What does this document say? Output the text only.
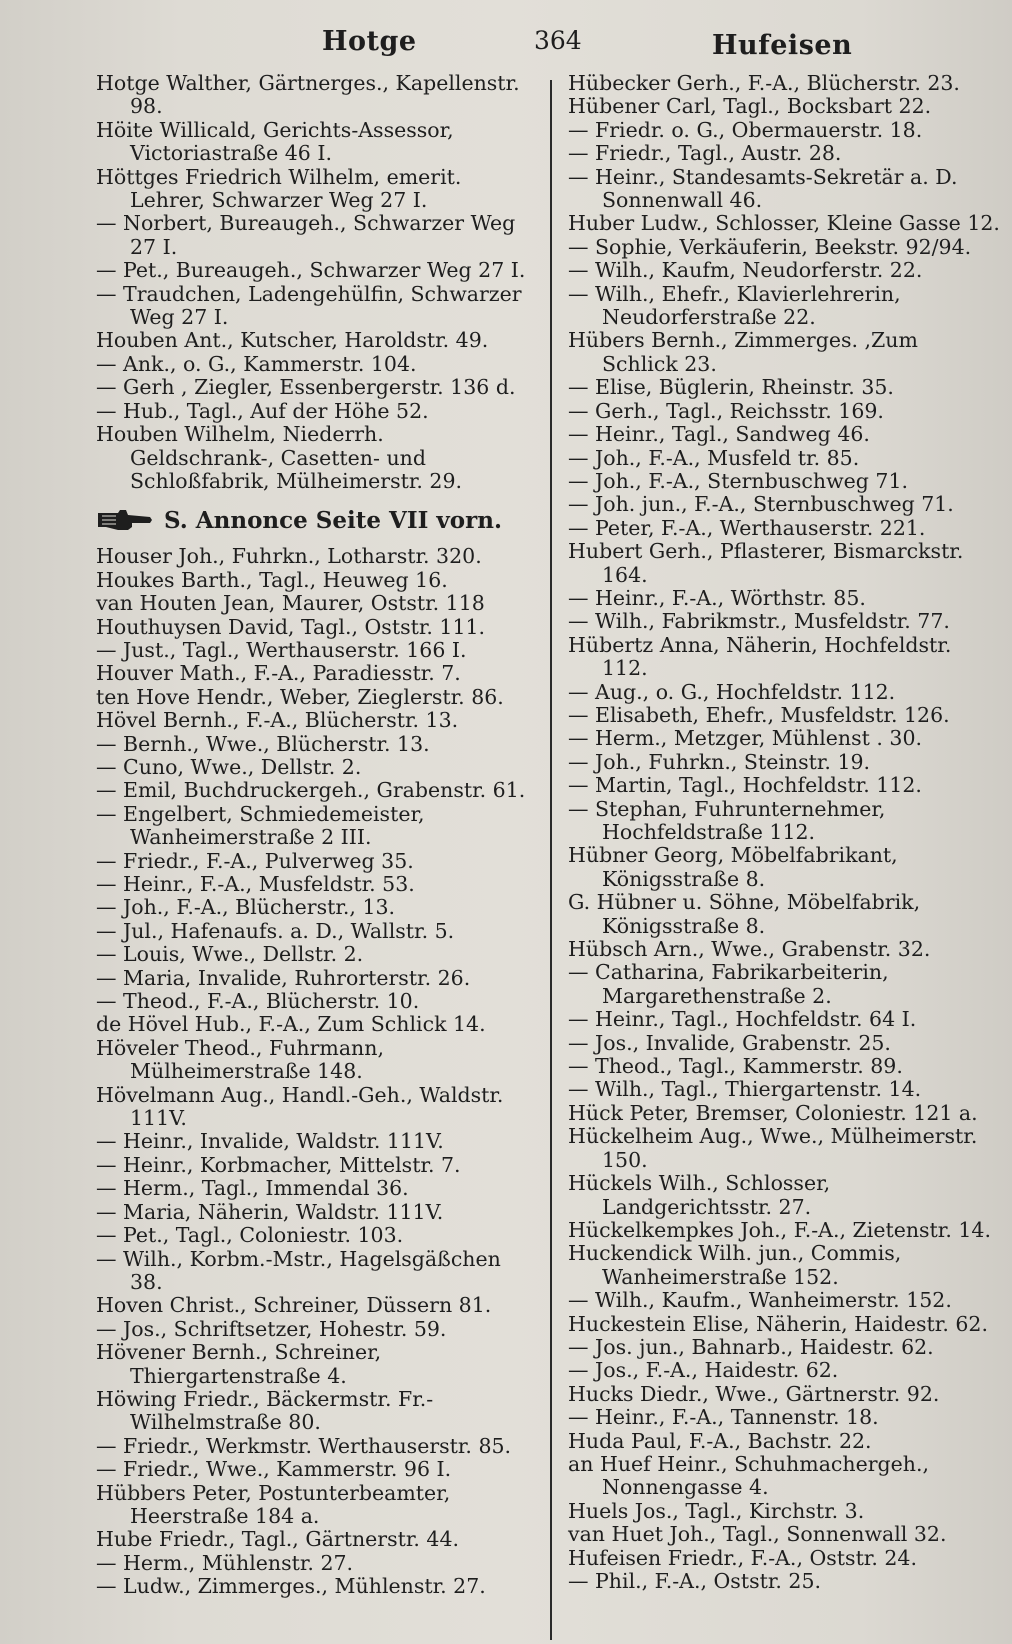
Hotge	364	Hufeisen

Hotge Walther, Gärtnerges., Kapellenstr. 98.

Höite Willicald, Gerichts-Assessor, Victoriastraße 46 I.

Höttges Friedrich Wilhelm, emerit. Lehrer, Schwarzer Weg 27 I.

— Norbert, Bureaugeh., Schwarzer Weg 27 I.

— Pet., Bureaugeh., Schwarzer Weg 27 I.

— Traudchen, Ladengehülfin, Schwarzer Weg 27 I.

Houben Ant., Kutscher, Haroldstr. 49.

— Ank., o. G., Kammerstr. 104.

— Gerh , Ziegler, Essenbergerstr. 136 d.

— Hub., Tagl., Auf der Höhe 52.

Houben Wilhelm, Niederrh. Geldschrank-, Casetten- und Schloßfabrik, Mülheimerstr. 29.

S. Annonce Seite VII vorn.

Houser Joh., Fuhrkn., Lotharstr. 320.

Houkes Barth., Tagl., Heuweg 16.

van Houten Jean, Maurer, Oststr. 118

Houthuysen David, Tagl., Oststr. 111.

— Just., Tagl., Werthauserstr. 166 I.

Houver Math., F.-A., Paradiesstr. 7.

ten Hove Hendr., Weber, Zieglerstr. 86.

Hövel Bernh., F.-A., Blücherstr. 13.

— Bernh., Wwe., Blücherstr. 13.

— Cuno, Wwe., Dellstr. 2.

— Emil, Buchdruckergeh., Grabenstr. 61.

— Engelbert, Schmiedemeister, Wanheimerstraße 2 III.

— Friedr., F.-A., Pulverweg 35.

— Heinr., F.-A., Musfeldstr. 53.

— Joh., F.-A., Blücherstr., 13.

— Jul., Hafenaufs. a. D., Wallstr. 5.

— Louis, Wwe., Dellstr. 2.

— Maria, Invalide, Ruhrorterstr. 26.

— Theod., F.-A., Blücherstr. 10.

de Hövel Hub., F.-A., Zum Schlick 14.

Höveler Theod., Fuhrmann, Mülheimerstraße 148.

Hövelmann Aug., Handl.-Geh., Waldstr. 111V.

— Heinr., Invalide, Waldstr. 111V.

— Heinr., Korbmacher, Mittelstr. 7.

— Herm., Tagl., Immendal 36.

— Maria, Näherin, Waldstr. 111V.

— Pet., Tagl., Coloniestr. 103.

— Wilh., Korbm.-Mstr., Hagelsgäßchen 38.

Hoven Christ., Schreiner, Düssern 81.

— Jos., Schriftsetzer, Hohestr. 59.

Hövener Bernh., Schreiner, Thiergartenstraße 4.

Höwing Friedr., Bäckermstr. Fr.-Wilhelmstraße 80.

— Friedr., Werkmstr. Werthauserstr. 85.

— Friedr., Wwe., Kammerstr. 96 I.

Hübbers Peter, Postunterbeamter, Heerstraße 184 a.

Hube Friedr., Tagl., Gärtnerstr. 44.

— Herm., Mühlenstr. 27.

— Ludw., Zimmerges., Mühlenstr. 27.

Hübecker Gerh., F.-A., Blücherstr. 23.

Hübener Carl, Tagl., Bocksbart 22.

— Friedr. o. G., Obermauerstr. 18.

— Friedr., Tagl., Austr. 28.

— Heinr., Standesamts-Sekretär a. D. Sonnenwall 46.

Huber Ludw., Schlosser, Kleine Gasse 12.

— Sophie, Verkäuferin, Beekstr. 92/94.

— Wilh., Kaufm, Neudorferstr. 22.

— Wilh., Ehefr., Klavierlehrerin, Neudorferstraße 22.

Hübers Bernh., Zimmerges. ,Zum Schlick 23.

— Elise, Büglerin, Rheinstr. 35.

— Gerh., Tagl., Reichsstr. 169.

— Heinr., Tagl., Sandweg 46.

— Joh., F.-A., Musfeld tr. 85.

— Joh., F.-A., Sternbuschweg 71.

— Joh. jun., F.-A., Sternbuschweg 71.

— Peter, F.-A., Werthauserstr. 221.

Hubert Gerh., Pflasterer, Bismarckstr. 164.

— Heinr., F.-A., Wörthstr. 85.

— Wilh., Fabrikmstr., Musfeldstr. 77.

Hübertz Anna, Näherin, Hochfeldstr. 112.

— Aug., o. G., Hochfeldstr. 112.

— Elisabeth, Ehefr., Musfeldstr. 126.

— Herm., Metzger, Mühlenst . 30.

— Joh., Fuhrkn., Steinstr. 19.

— Martin, Tagl., Hochfeldstr. 112.

— Stephan, Fuhrunternehmer, Hochfeldstraße 112.

Hübner Georg, Möbelfabrikant, Königsstraße 8.

G. Hübner u. Söhne, Möbelfabrik, Königsstraße 8.

Hübsch Arn., Wwe., Grabenstr. 32.

— Catharina, Fabrikarbeiterin, Margarethenstraße 2.

— Heinr., Tagl., Hochfeldstr. 64 I.

— Jos., Invalide, Grabenstr. 25.

— Theod., Tagl., Kammerstr. 89.

— Wilh., Tagl., Thiergartenstr. 14.

Hück Peter, Bremser, Coloniestr. 121 a.

Hückelheim Aug., Wwe., Mülheimerstr. 150.

Hückels Wilh., Schlosser, Landgerichtsstr. 27.

Hückelkempkes Joh., F.-A., Zietenstr. 14.

Huckendick Wilh. jun., Commis, Wanheimerstraße 152.

— Wilh., Kaufm., Wanheimerstr. 152.

Huckestein Elise, Näherin, Haidestr. 62.

— Jos. jun., Bahnarb., Haidestr. 62.

— Jos., F.-A., Haidestr. 62.

Hucks Diedr., Wwe., Gärtnerstr. 92.

— Heinr., F.-A., Tannenstr. 18.

Huda Paul, F.-A., Bachstr. 22.

an Huef Heinr., Schuhmachergeh., Nonnengasse 4.

Huels Jos., Tagl., Kirchstr. 3.

van Huet Joh., Tagl., Sonnenwall 32.

Hufeisen Friedr., F.-A., Oststr. 24.

— Phil., F.-A., Oststr. 25.
